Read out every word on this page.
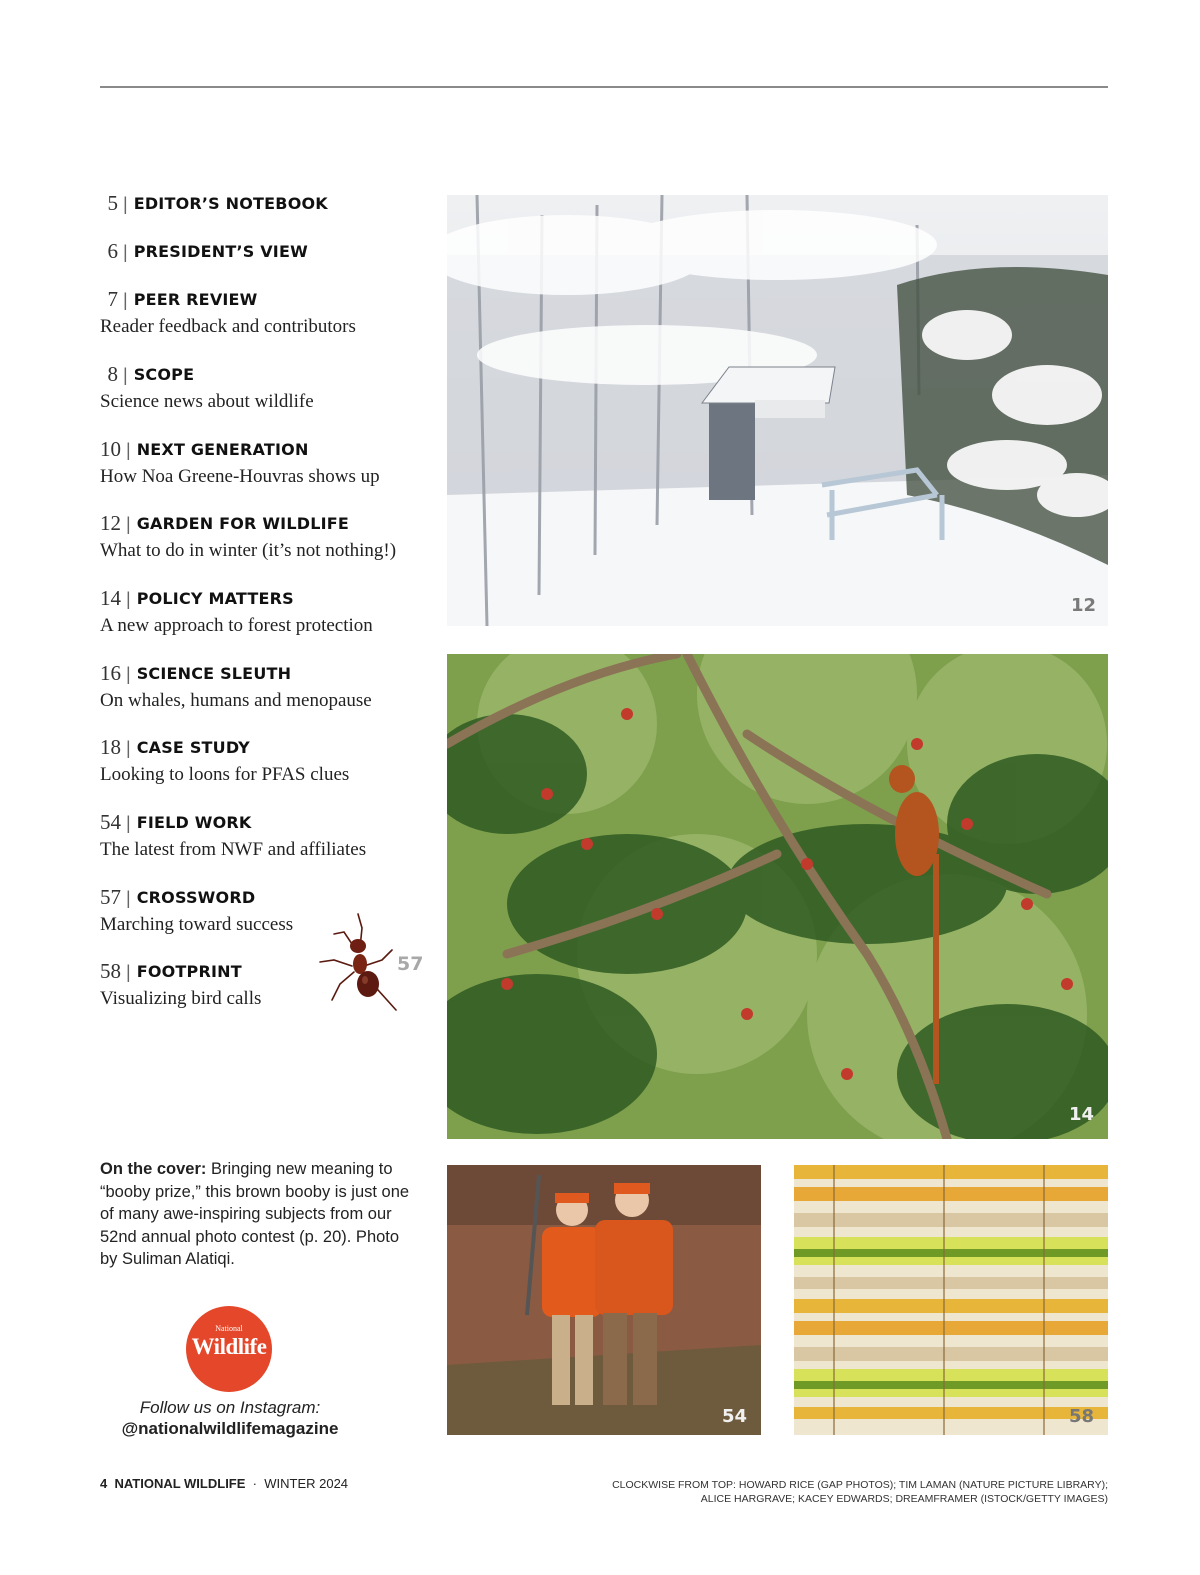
5 | EDITOR’S NOTEBOOK
6 | PRESIDENT’S VIEW
7 | PEER REVIEW
Reader feedback and contributors
8 | SCOPE
Science news about wildlife
10 | NEXT GENERATION
How Noa Greene-Houvras shows up
12 | GARDEN FOR WILDLIFE
What to do in winter (it’s not nothing!)
14 | POLICY MATTERS
A new approach to forest protection
16 | SCIENCE SLEUTH
On whales, humans and menopause
18 | CASE STUDY
Looking to loons for PFAS clues
54 | FIELD WORK
The latest from NWF and affiliates
57 | CROSSWORD
Marching toward success
58 | FOOTPRINT
Visualizing bird calls
57
12
14
54	58
On the cover: Bringing new meaning to “booby prize,” this brown booby is just one of many awe-inspiring subjects from our 52nd annual photo contest (p. 20). Photo by Suliman Alatiqi.
National
Wildlife
Follow us on Instagram:
@nationalwildlifemagazine
4 NATIONAL WILDLIFE · WINTER 2024	CLOCKWISE FROM TOP: HOWARD RICE (GAP PHOTOS); TIM LAMAN (NATURE PICTURE LIBRARY); ALICE HARGRAVE; KACEY EDWARDS; DREAMFRAMER (ISTOCK/GETTY IMAGES)
